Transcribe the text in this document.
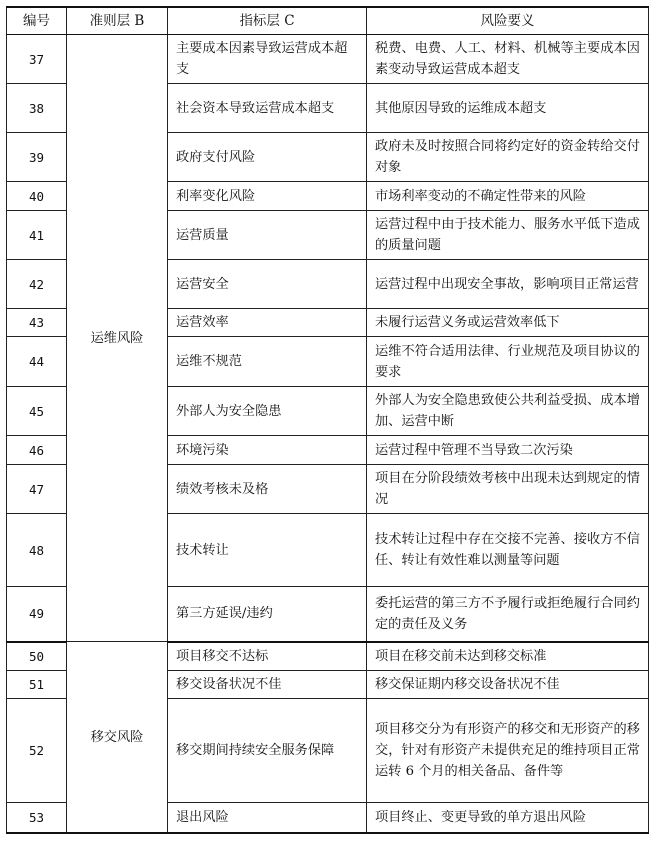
编号	准则层 B	指标层 C	风险要义
37	运维风险	主要成本因素导致运营成本超支	税费、电费、人工、材料、机械等主要成本因素变动导致运营成本超支
38		社会资本导致运营成本超支	其他原因导致的运维成本超支
39		政府支付风险	政府未及时按照合同将约定好的资金转给交付对象
40		利率变化风险	市场利率变动的不确定性带来的风险
41		运营质量	运营过程中由于技术能力、服务水平低下造成的质量问题
42		运营安全	运营过程中出现安全事故，影响项目正常运营
43		运营效率	未履行运营义务或运营效率低下
44		运维不规范	运维不符合适用法律、行业规范及项目协议的要求
45		外部人为安全隐患	外部人为安全隐患致使公共利益受损、成本增加、运营中断
46		环境污染	运营过程中管理不当导致二次污染
47		绩效考核未及格	项目在分阶段绩效考核中出现未达到规定的情况
48		技术转让	技术转让过程中存在交接不完善、接收方不信任、转让有效性难以测量等问题
49		第三方延误/违约	委托运营的第三方不予履行或拒绝履行合同约定的责任及义务
50	移交风险	项目移交不达标	项目在移交前未达到移交标准
51		移交设备状况不佳	移交保证期内移交设备状况不佳
52		移交期间持续安全服务保障	项目移交分为有形资产的移交和无形资产的移交，针对有形资产未提供充足的维持项目正常运转 6 个月的相关备品、备件等
53		退出风险	项目终止、变更导致的单方退出风险
